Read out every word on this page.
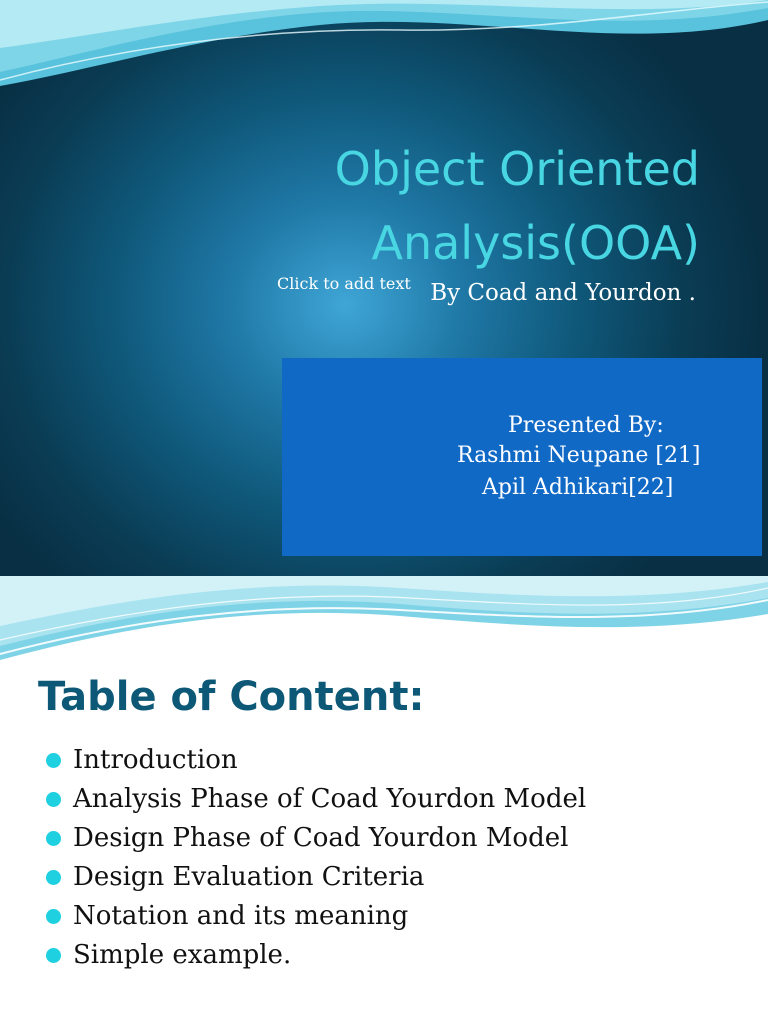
Object Oriented
Analysis(OOA)
Click to add text By Coad and Yourdon .
Presented By:
Rashmi Neupane [21]
Apil Adhikari[22]
Table of Content:
Introduction
Analysis Phase of Coad Yourdon Model
Design Phase of Coad Yourdon Model
Design Evaluation Criteria
Notation and its meaning
Simple example.
